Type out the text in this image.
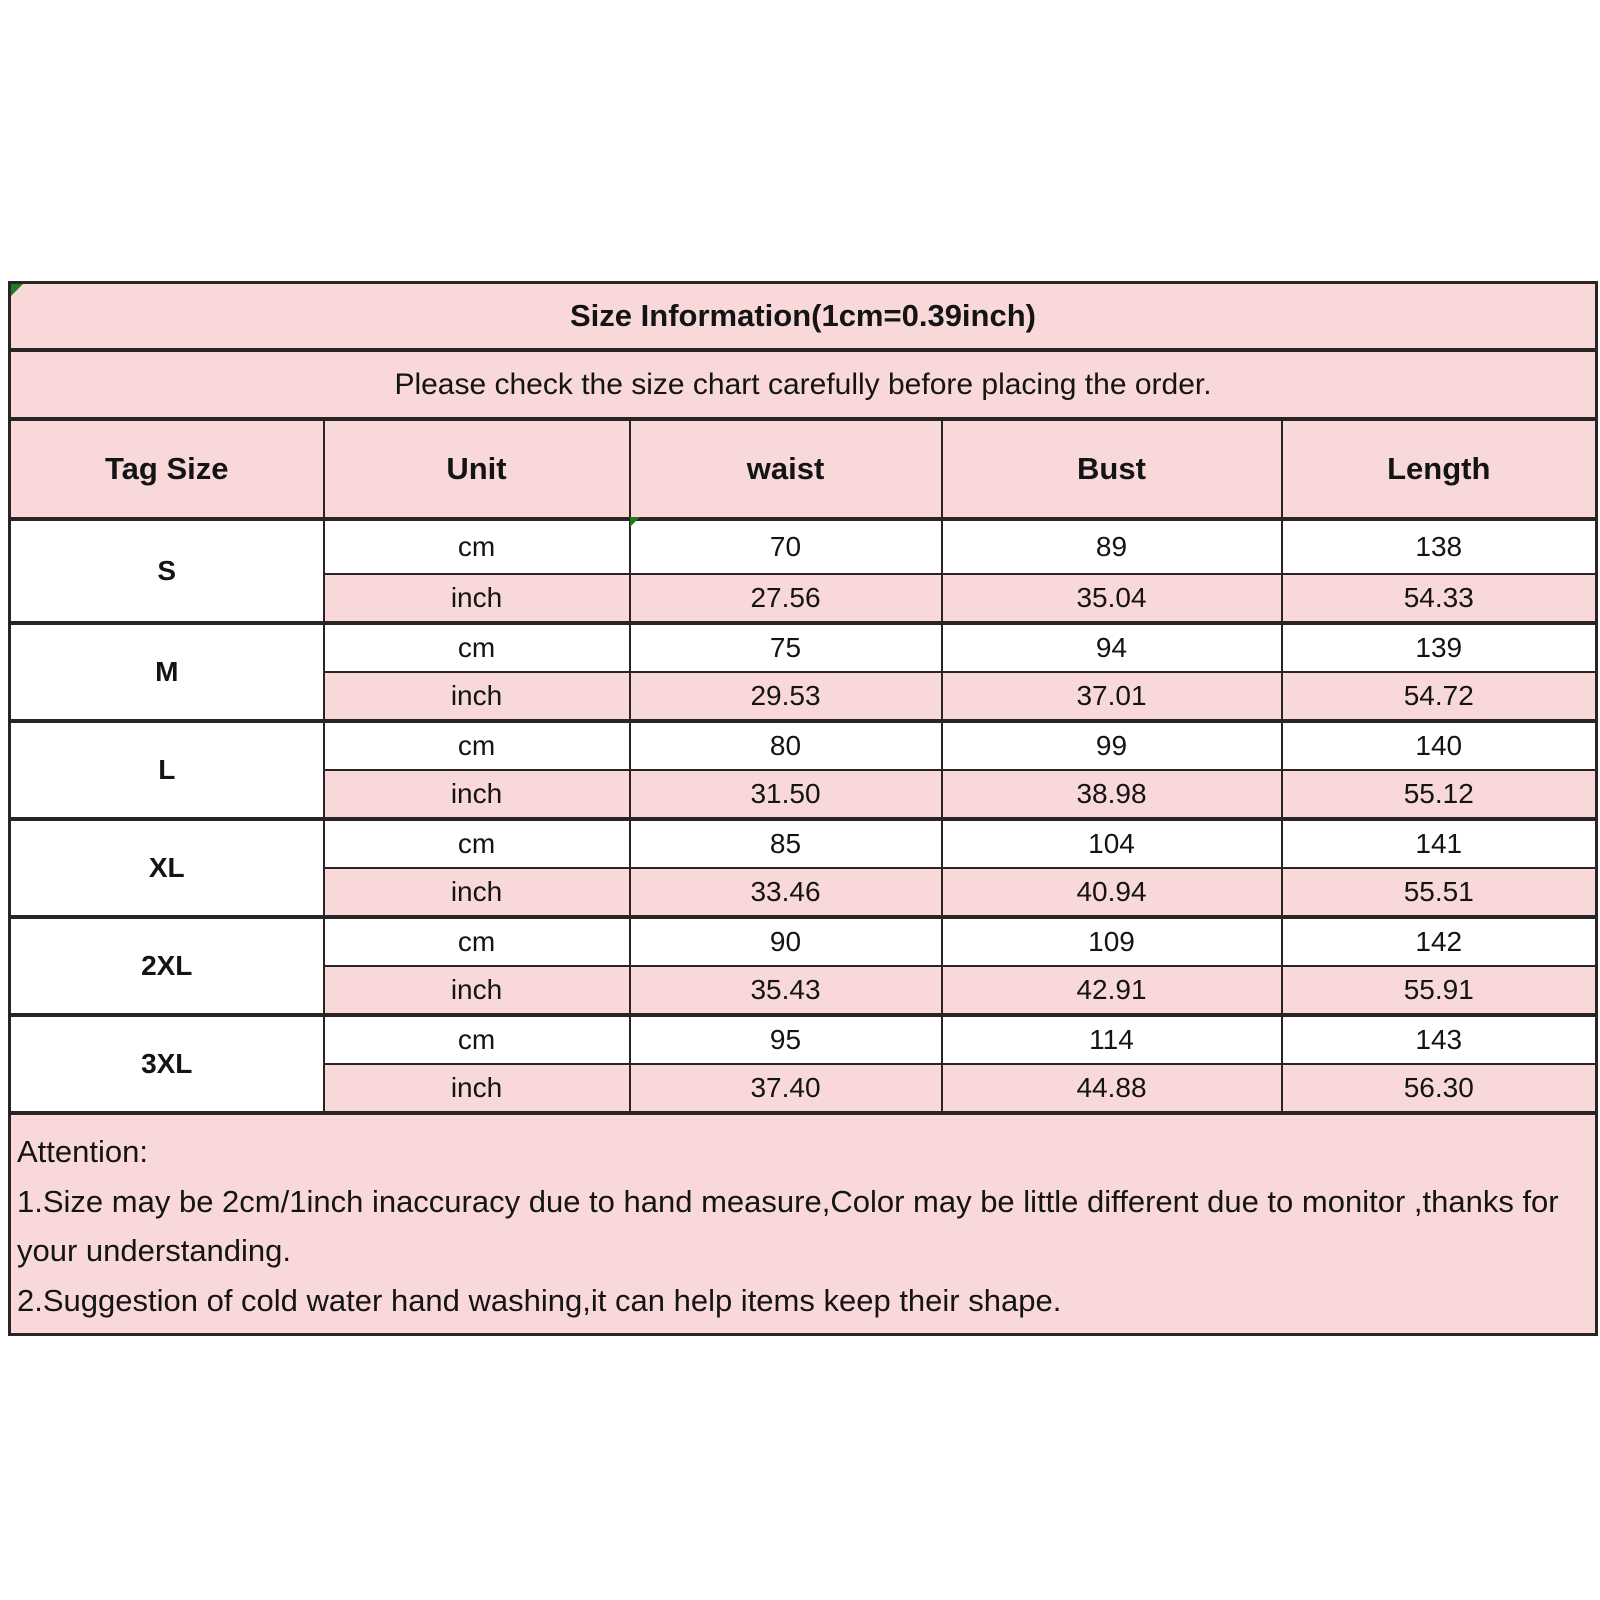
Size Information(1cm=0.39inch)				
Please check the size chart carefully before placing the order.				
Tag Size	Unit	waist	Bust	Length
S	cm	70	89	138
	inch	27.56	35.04	54.33
M	cm	75	94	139
	inch	29.53	37.01	54.72
L	cm	80	99	140
	inch	31.50	38.98	55.12
XL	cm	85	104	141
	inch	33.46	40.94	55.51
2XL	cm	90	109	142
	inch	35.43	42.91	55.91
3XL	cm	95	114	143
	inch	37.40	44.88	56.30

Attention:
1.Size may be 2cm/1inch inaccuracy due to hand measure,Color may be little different due to monitor ,thanks for your understanding.
2.Suggestion of cold water hand washing,it can help items keep their shape.				
